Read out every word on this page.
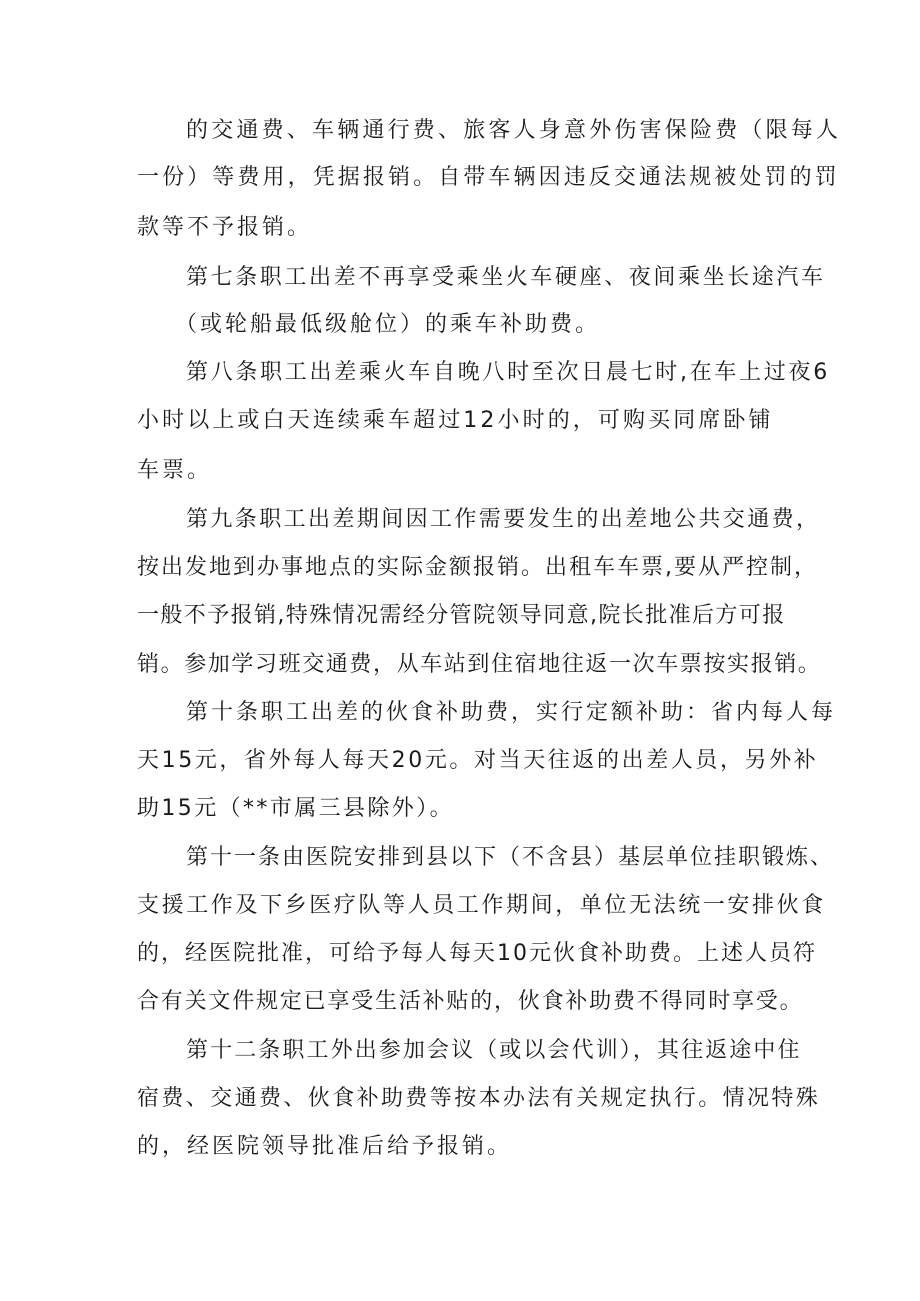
的交通费、车辆通行费、旅客人身意外伤害保险费（限每人
一份）等费用，凭据报销。自带车辆因违反交通法规被处罚的罚
款等不予报销。
第七条职工出差不再享受乘坐火车硬座、夜间乘坐长途汽车
（或轮船最低级舱位）的乘车补助费。
第八条职工出差乘火车自晚八时至次日晨七时,在车上过夜6
小时以上或白天连续乘车超过12小时的，可购买同席卧铺
车票。
第九条职工出差期间因工作需要发生的出差地公共交通费，
按出发地到办事地点的实际金额报销。出租车车票,要从严控制，
一般不予报销,特殊情况需经分管院领导同意,院长批准后方可报
销。参加学习班交通费，从车站到住宿地往返一次车票按实报销。
第十条职工出差的伙食补助费，实行定额补助：省内每人每
天15元，省外每人每天20元。对当天往返的出差人员，另外补
助15元（**市属三县除外）。
第十一条由医院安排到县以下（不含县）基层单位挂职锻炼、
支援工作及下乡医疗队等人员工作期间，单位无法统一安排伙食
的，经医院批准，可给予每人每天10元伙食补助费。上述人员符
合有关文件规定已享受生活补贴的，伙食补助费不得同时享受。
第十二条职工外出参加会议（或以会代训），其往返途中住
宿费、交通费、伙食补助费等按本办法有关规定执行。情况特殊
的，经医院领导批准后给予报销。
